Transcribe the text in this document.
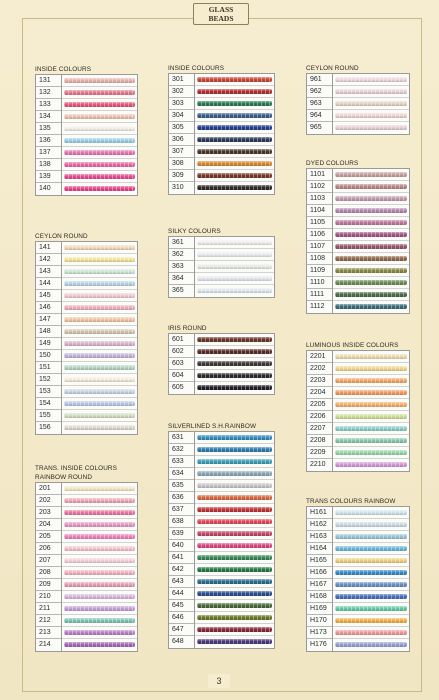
GLASS
BEADS
INSIDE COLOURS
131
132
133
134
135
136
137
138
139
140
INSIDE COLOURS
301
302
303
304
305
306
307
308
309
310
CEYLON ROUND
961
962
963
964
965
DYED COLOURS
1101
1102
1103
1104
1105
1106
1107
1108
1109
1110
1111
1112
CEYLON ROUND
141
142
143
144
145
146
147
148
149
150
151
152
153
154
155
156
SILKY COLOURS
361
362
363
364
365
LUMINOUS INSIDE COLOURS
2201
2202
2203
2204
2205
2206
2207
2208
2209
2210
IRIS ROUND
601
602
603
604
605
TRANS. INSIDE COLOURS
RAINBOW ROUND
201
202
203
204
205
206
207
208
209
210
211
212
213
214
SILVERLINED S.H.RAINBOW
631
632
633
634
635
636
637
638
639
640
641
642
643
644
645
646
647
648
TRANS COLOURS RAINBOW
H161
H162
H163
H164
H165
H166
H167
H168
H169
H170
H173
H176
3
